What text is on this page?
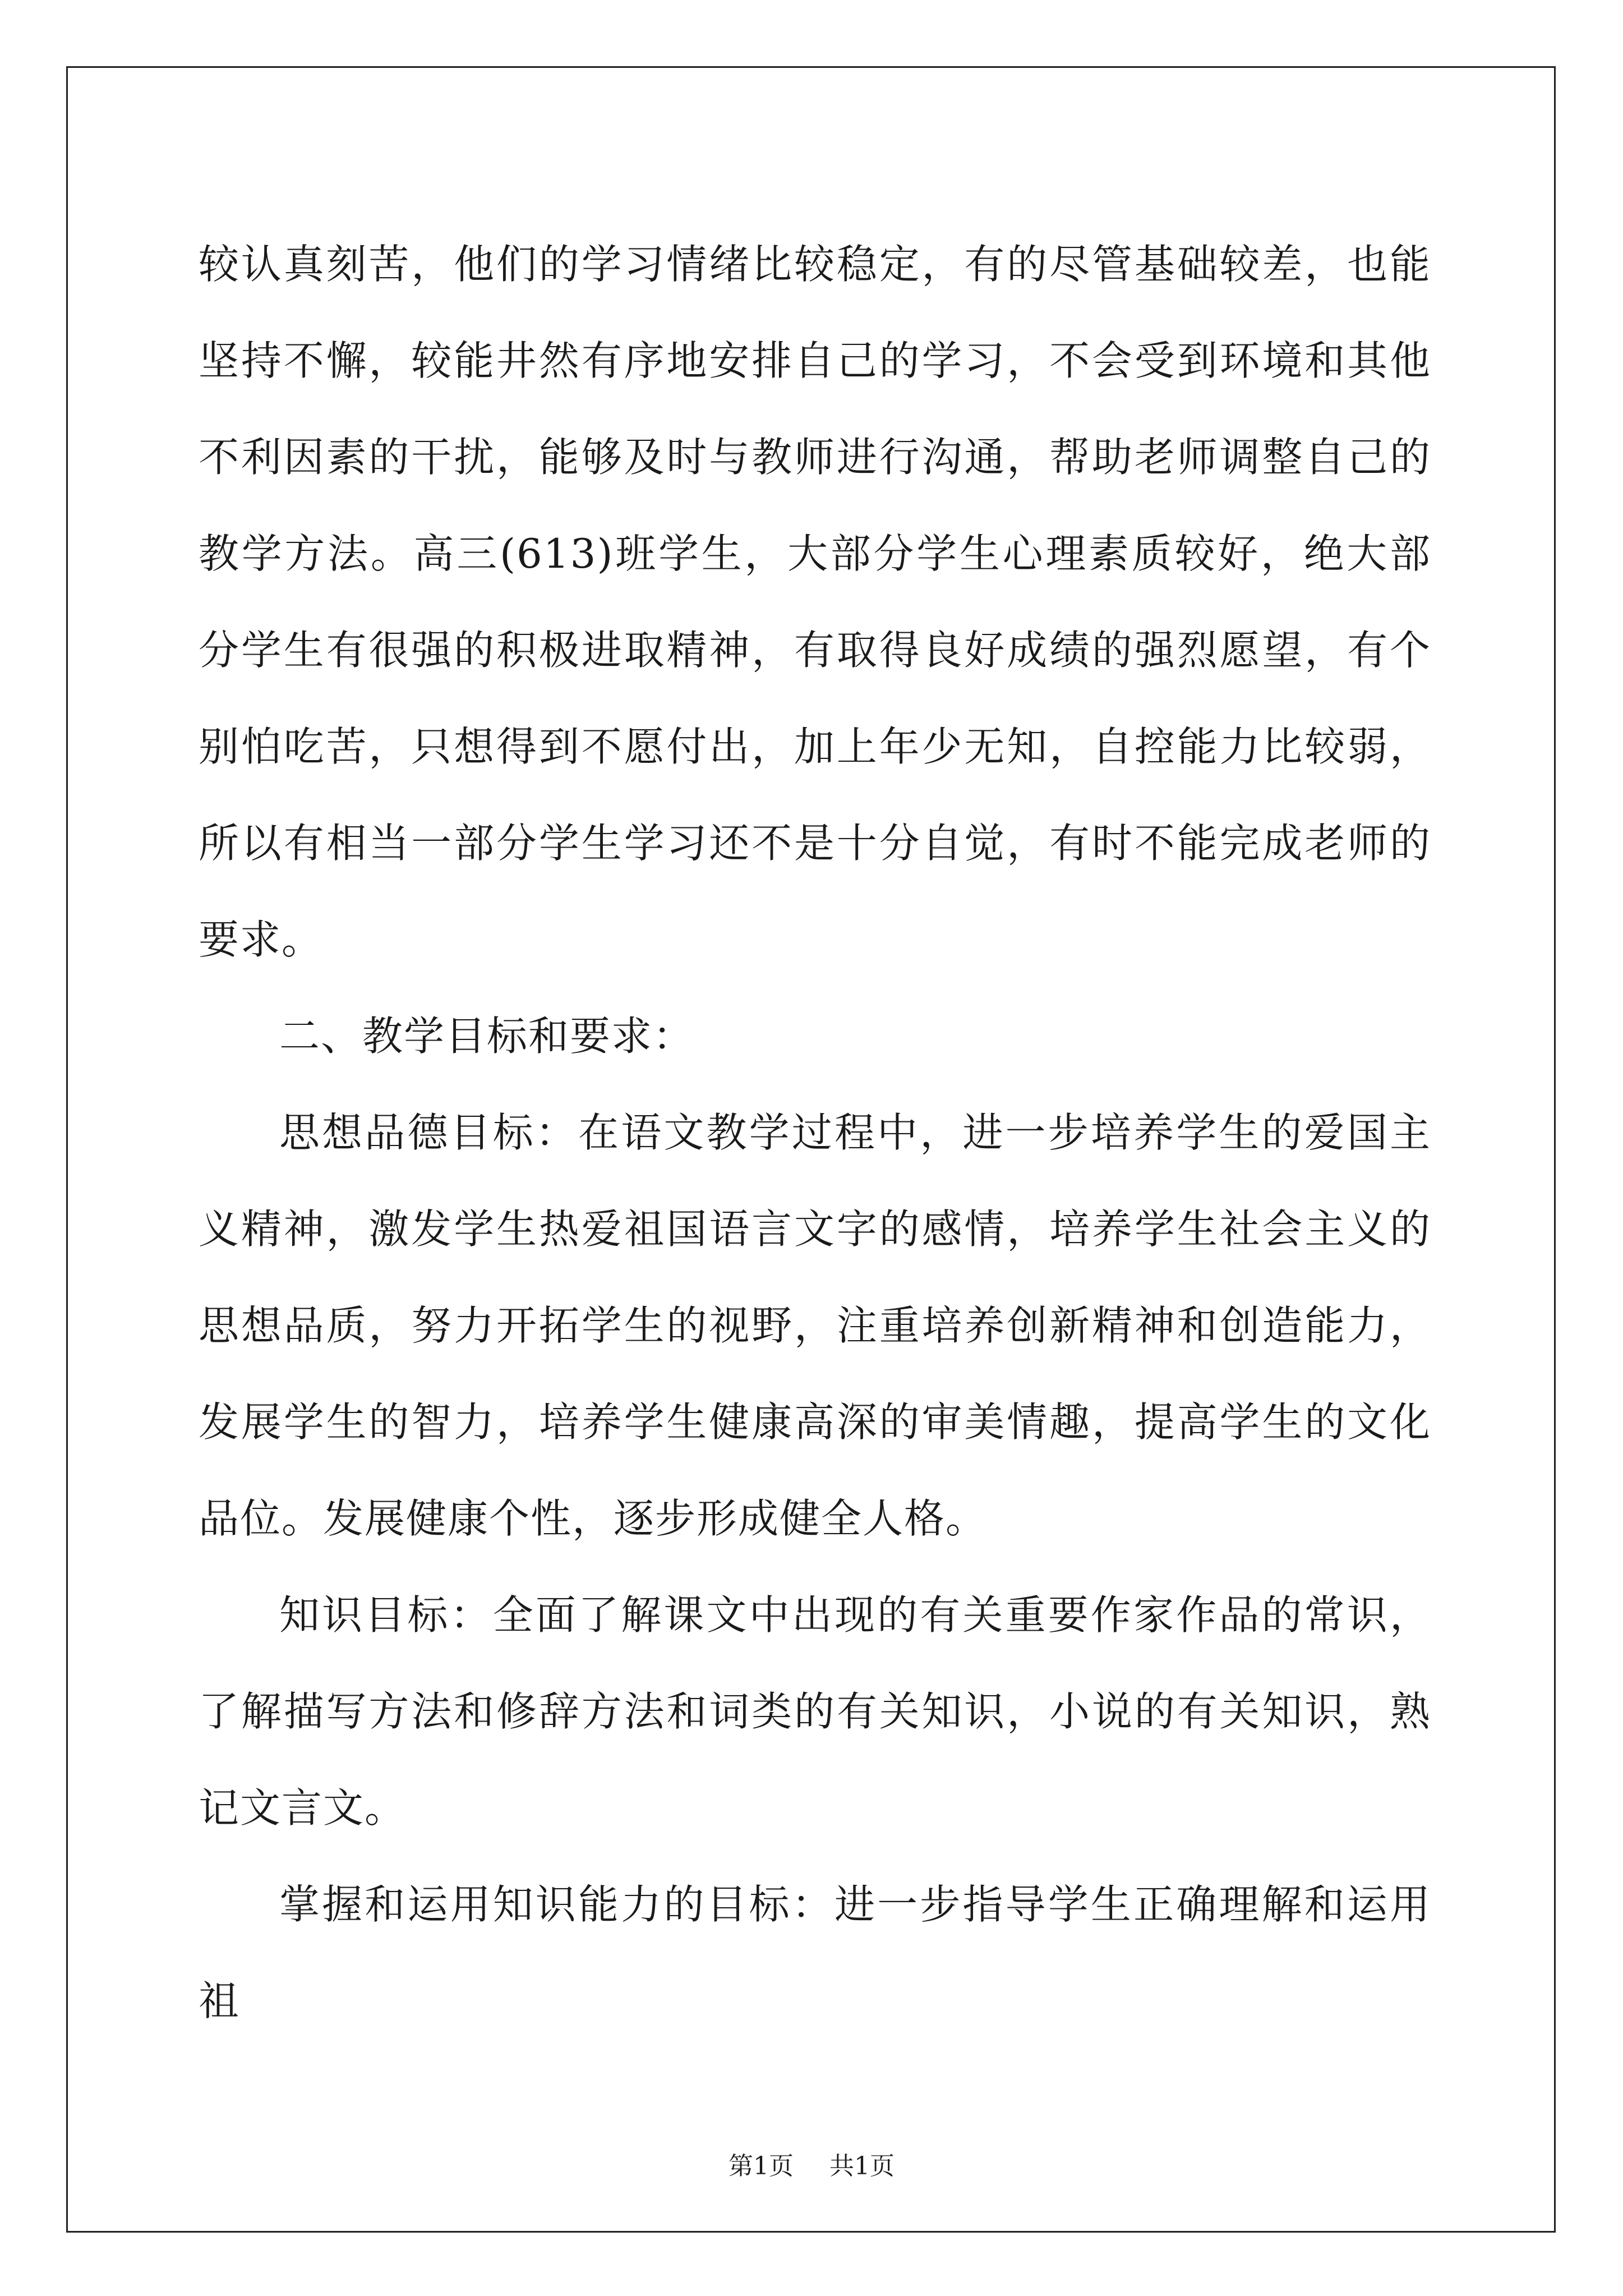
较认真刻苦，他们的学习情绪比较稳定，有的尽管基础较差，也能坚持不懈，较能井然有序地安排自己的学习，不会受到环境和其他不利因素的干扰，能够及时与教师进行沟通，帮助老师调整自己的教学方法。高三(613)班学生，大部分学生心理素质较好，绝大部分学生有很强的积极进取精神，有取得良好成绩的强烈愿望，有个别怕吃苦，只想得到不愿付出，加上年少无知，自控能力比较弱，所以有相当一部分学生学习还不是十分自觉，有时不能完成老师的要求。

二、教学目标和要求：

思想品德目标：在语文教学过程中，进一步培养学生的爱国主义精神，激发学生热爱祖国语言文字的感情，培养学生社会主义的思想品质，努力开拓学生的视野，注重培养创新精神和创造能力，发展学生的智力，培养学生健康高深的审美情趣，提高学生的文化品位。发展健康个性，逐步形成健全人格。

知识目标：全面了解课文中出现的有关重要作家作品的常识，了解描写方法和修辞方法和词类的有关知识，小说的有关知识，熟记文言文。

掌握和运用知识能力的目标：进一步指导学生正确理解和运用祖

第1页 共1页
